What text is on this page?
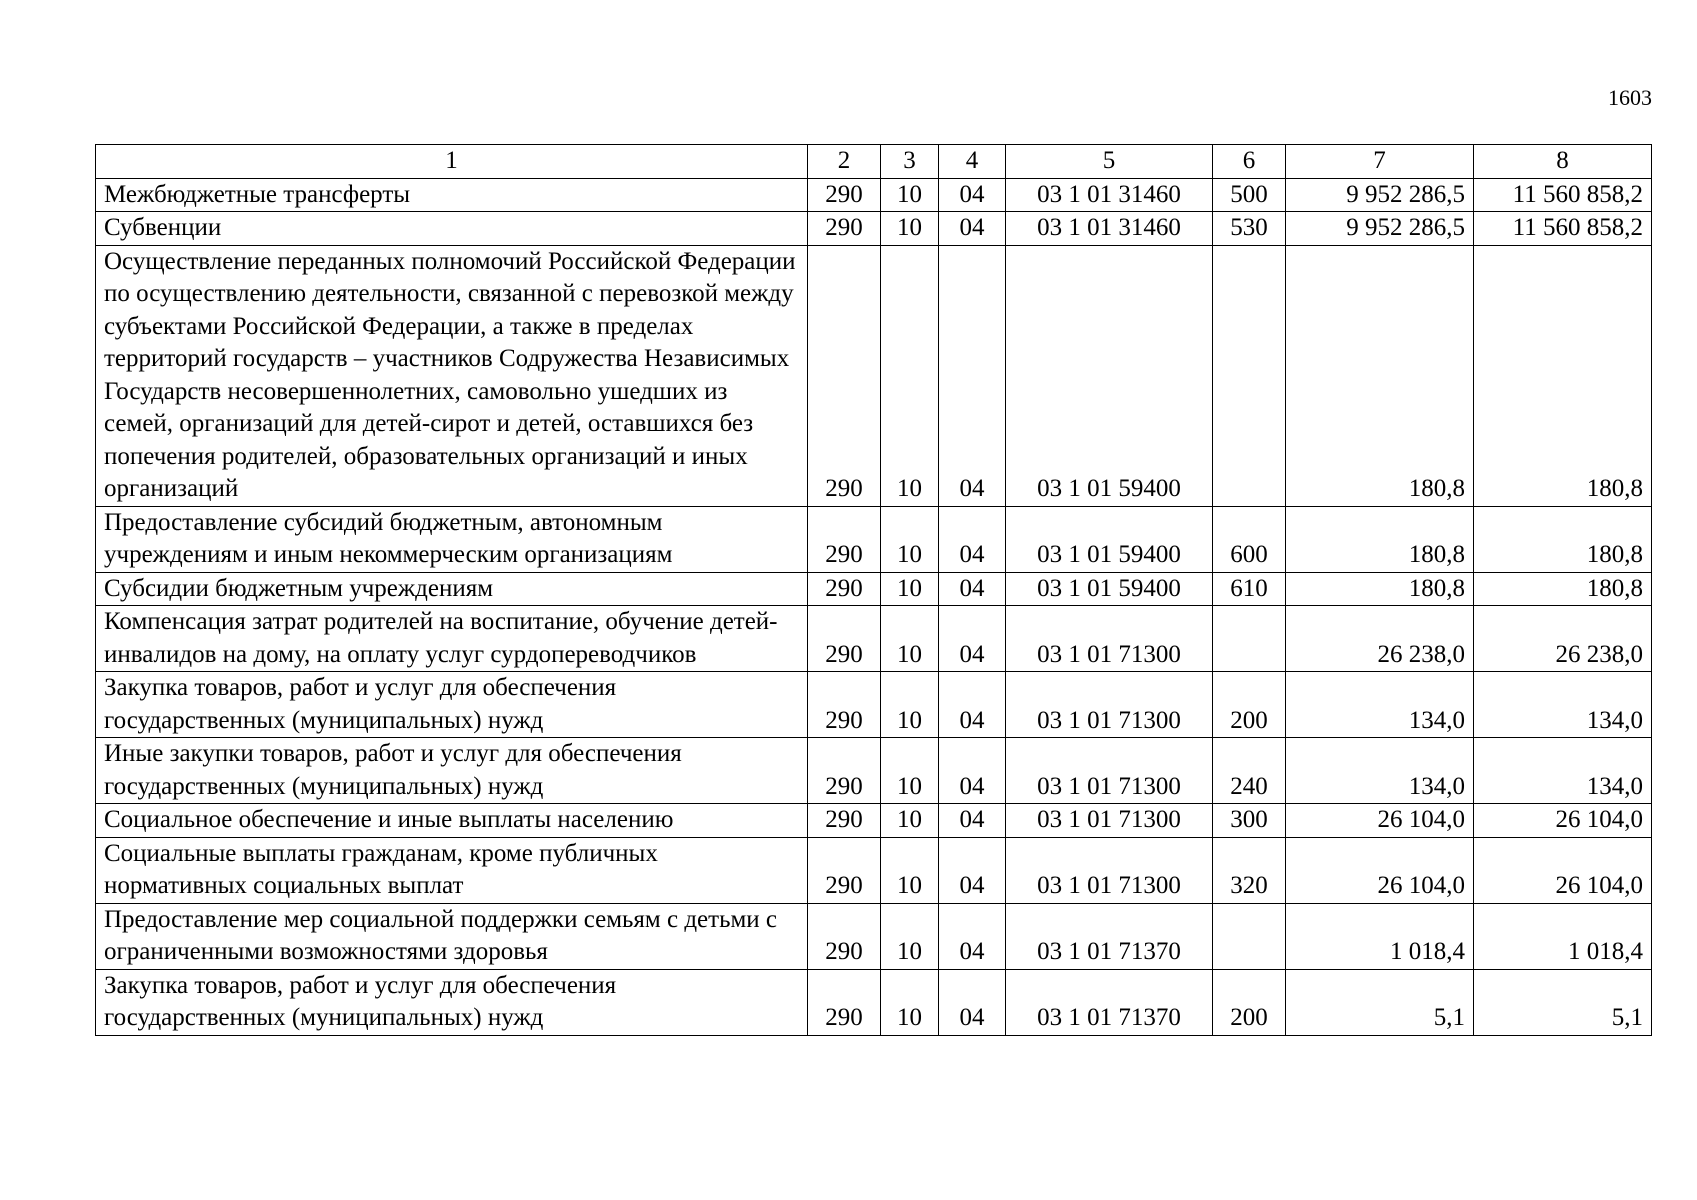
1603
1	2	3	4	5	6	7	8
Межбюджетные трансферты	290	10	04	03 1 01 31460	500	9 952 286,5	11 560 858,2
Субвенции	290	10	04	03 1 01 31460	530	9 952 286,5	11 560 858,2
Осуществление переданных полномочий Российской Федерации по осуществлению деятельности, связанной с перевозкой между субъектами Российской Федерации, а также в пределах территорий государств – участников Содружества Независимых Государств несовершеннолетних, самовольно ушедших из семей, организаций для детей-сирот и детей, оставшихся без попечения родителей, образовательных организаций и иных организаций	290	10	04	03 1 01 59400		180,8	180,8
Предоставление субсидий бюджетным, автономным учреждениям и иным некоммерческим организациям	290	10	04	03 1 01 59400	600	180,8	180,8
Субсидии бюджетным учреждениям	290	10	04	03 1 01 59400	610	180,8	180,8
Компенсация затрат родителей на воспитание, обучение детей-инвалидов на дому, на оплату услуг сурдопереводчиков	290	10	04	03 1 01 71300		26 238,0	26 238,0
Закупка товаров, работ и услуг для обеспечения государственных (муниципальных) нужд	290	10	04	03 1 01 71300	200	134,0	134,0
Иные закупки товаров, работ и услуг для обеспечения государственных (муниципальных) нужд	290	10	04	03 1 01 71300	240	134,0	134,0
Социальное обеспечение и иные выплаты населению	290	10	04	03 1 01 71300	300	26 104,0	26 104,0
Социальные выплаты гражданам, кроме публичных нормативных социальных выплат	290	10	04	03 1 01 71300	320	26 104,0	26 104,0
Предоставление мер социальной поддержки семьям с детьми с ограниченными возможностями здоровья	290	10	04	03 1 01 71370		1 018,4	1 018,4
Закупка товаров, работ и услуг для обеспечения государственных (муниципальных) нужд	290	10	04	03 1 01 71370	200	5,1	5,1
